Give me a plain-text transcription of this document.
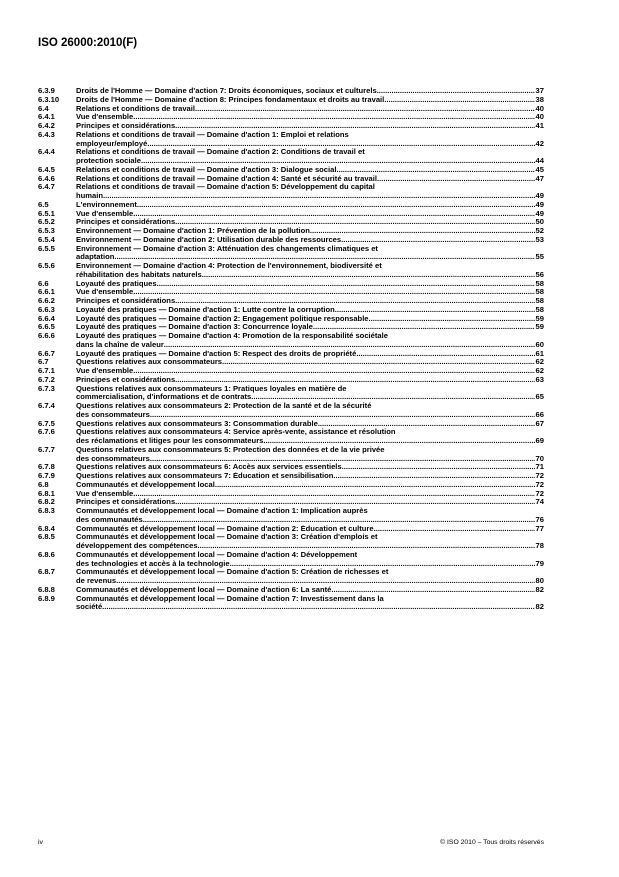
ISO 26000:2010(F)
6.3.9	Droits de l'Homme — Domaine d'action 7: Droits économiques, sociaux et culturels .....	37
6.3.10	Droits de l'Homme — Domaine d'action 8: Principes fondamentaux et droits au travail .....	38
6.4	Relations et conditions de travail .....	40
6.4.1	Vue d'ensemble .....	40
6.4.2	Principes et considérations .....	41
6.4.3	Relations et conditions de travail — Domaine d'action 1: Emploi et relations
employeur/employé .....	42
6.4.4	Relations et conditions de travail — Domaine d'action 2: Conditions de travail et
protection sociale .....	44
6.4.5	Relations et conditions de travail — Domaine d'action 3: Dialogue social .....	45
6.4.6	Relations et conditions de travail — Domaine d'action 4: Santé et sécurité au travail .....	47
6.4.7	Relations et conditions de travail — Domaine d'action 5: Développement du capital
humain .....	49
6.5	L'environnement .....	49
6.5.1	Vue d'ensemble .....	49
6.5.2	Principes et considérations .....	50
6.5.3	Environnement — Domaine d'action 1: Prévention de la pollution .....	52
6.5.4	Environnement — Domaine d'action 2: Utilisation durable des ressources .....	53
6.5.5	Environnement — Domaine d'action 3: Atténuation des changements climatiques et
adaptation .....	55
6.5.6	Environnement — Domaine d'action 4: Protection de l'environnement, biodiversité et
réhabilitation des habitats naturels .....	56
6.6	Loyauté des pratiques .....	58
6.6.1	Vue d'ensemble .....	58
6.6.2	Principes et considérations .....	58
6.6.3	Loyauté des pratiques — Domaine d'action 1: Lutte contre la corruption .....	58
6.6.4	Loyauté des pratiques — Domaine d'action 2: Engagement politique responsable .....	59
6.6.5	Loyauté des pratiques — Domaine d'action 3: Concurrence loyale .....	59
6.6.6	Loyauté des pratiques — Domaine d'action 4: Promotion de la responsabilité sociétale
dans la chaîne de valeur .....	60
6.6.7	Loyauté des pratiques — Domaine d'action 5: Respect des droits de propriété .....	61
6.7	Questions relatives aux consommateurs .....	62
6.7.1	Vue d'ensemble .....	62
6.7.2	Principes et considérations .....	63
6.7.3	Questions relatives aux consommateurs 1: Pratiques loyales en matière de
commercialisation, d'informations et de contrats .....	65
6.7.4	Questions relatives aux consommateurs 2: Protection de la santé et de la sécurité
des consommateurs .....	66
6.7.5	Questions relatives aux consommateurs 3: Consommation durable .....	67
6.7.6	Questions relatives aux consommateurs 4: Service après-vente, assistance et résolution
des réclamations et litiges pour les consommateurs .....	69
6.7.7	Questions relatives aux consommateurs 5: Protection des données et de la vie privée
des consommateurs .....	70
6.7.8	Questions relatives aux consommateurs 6: Accès aux services essentiels .....	71
6.7.9	Questions relatives aux consommateurs 7: Éducation et sensibilisation .....	72
6.8	Communautés et développement local .....	72
6.8.1	Vue d'ensemble .....	72
6.8.2	Principes et considérations .....	74
6.8.3	Communautés et développement local — Domaine d'action 1: Implication auprès
des communautés .....	76
6.8.4	Communautés et développement local — Domaine d'action 2: Éducation et culture .....	77
6.8.5	Communautés et développement local — Domaine d'action 3: Création d'emplois et
développement des compétences .....	78
6.8.6	Communautés et développement local — Domaine d'action 4: Développement
des technologies et accès à la technologie .....	79
6.8.7	Communautés et développement local — Domaine d'action 5: Création de richesses et
de revenus .....	80
6.8.8	Communautés et développement local — Domaine d'action 6: La santé .....	82
6.8.9	Communautés et développement local — Domaine d'action 7: Investissement dans la
société .....	82
iv	© ISO 2010 – Tous droits réservés
